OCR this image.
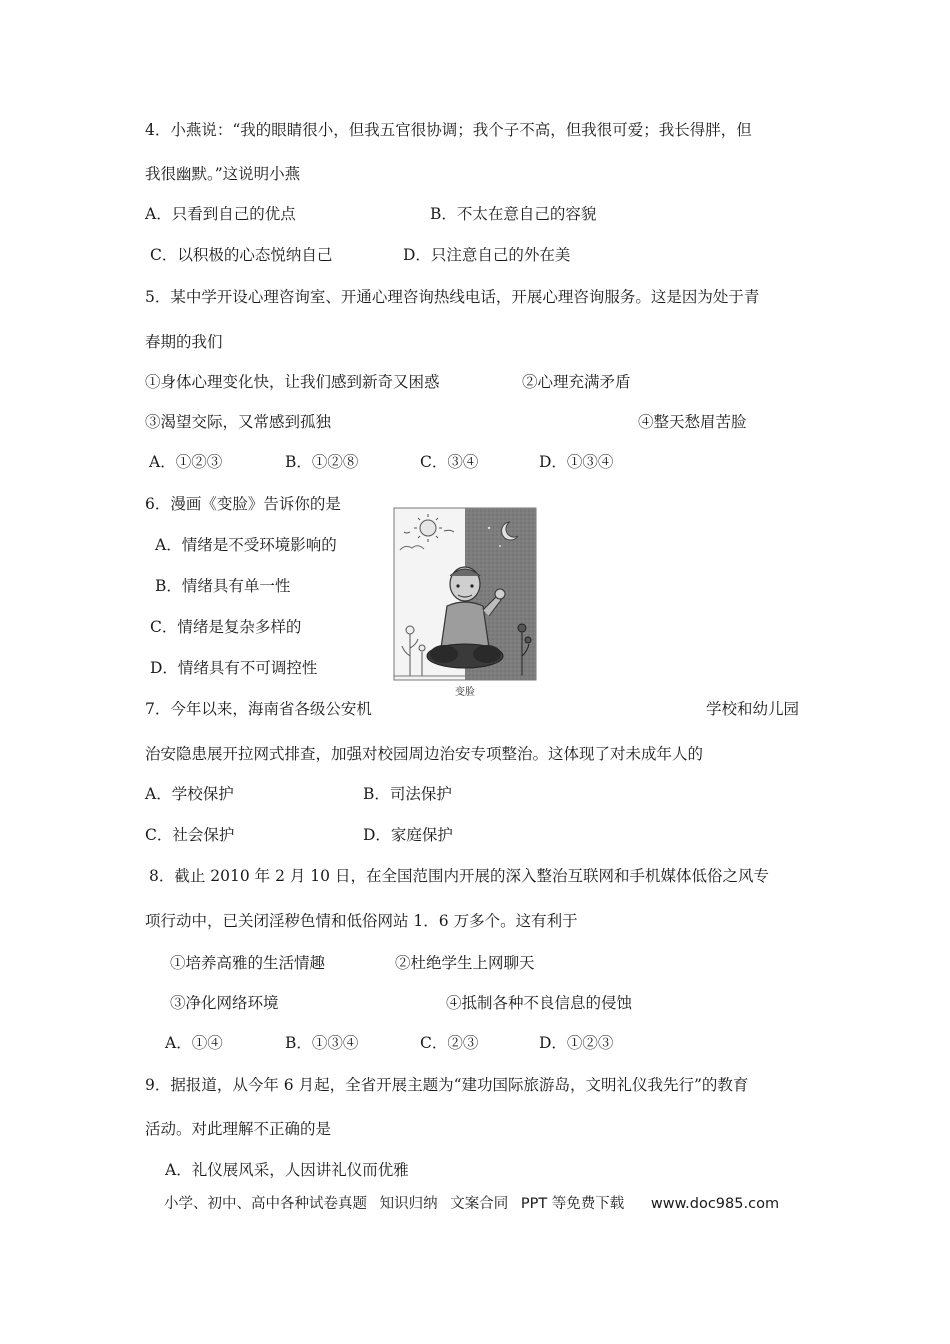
4．小燕说：“我的眼睛很小，但我五官很协调；我个子不高，但我很可爱；我长得胖，但
我很幽默。”这说明小燕
A．只看到自己的优点	B．不太在意自己的容貌
C．以积极的心态悦纳自己	D．只注意自己的外在美
5．某中学开设心理咨询室、开通心理咨询热线电话，开展心理咨询服务。这是因为处于青
春期的我们
①身体心理变化快，让我们感到新奇又困惑	②心理充满矛盾
③渴望交际，又常感到孤独	④整天愁眉苦脸
A．①②③	B．①②⑧	C．③④	D．①③④
6．漫画《变脸》告诉你的是
A．情绪是不受环境影响的
B．情绪具有单一性
C．情绪是复杂多样的
D．情绪具有不可调控性
变脸
7．今年以来，海南省各级公安机	学校和幼儿园
治安隐患展开拉网式排查，加强对校园周边治安专项整治。这体现了对未成年人的
A．学校保护	B．司法保护
C．社会保护	D．家庭保护
8．截止 2010 年 2 月 10 日，在全国范围内开展的深入整治互联网和手机媒体低俗之风专
项行动中，已关闭淫秽色情和低俗网站 1．6 万多个。这有利于
①培养高雅的生活情趣	②杜绝学生上网聊天
③净化网络环境	④抵制各种不良信息的侵蚀
A．①④	B．①③④	C．②③	D．①②③
9．据报道，从今年 6 月起，全省开展主题为“建功国际旅游岛，文明礼仪我先行”的教育
活动。对此理解不正确的是
A．礼仪展风采，人因讲礼仪而优雅
小学、初中、高中各种试卷真题 知识归纳 文案合同 PPT 等免费下载 www.doc985.com
